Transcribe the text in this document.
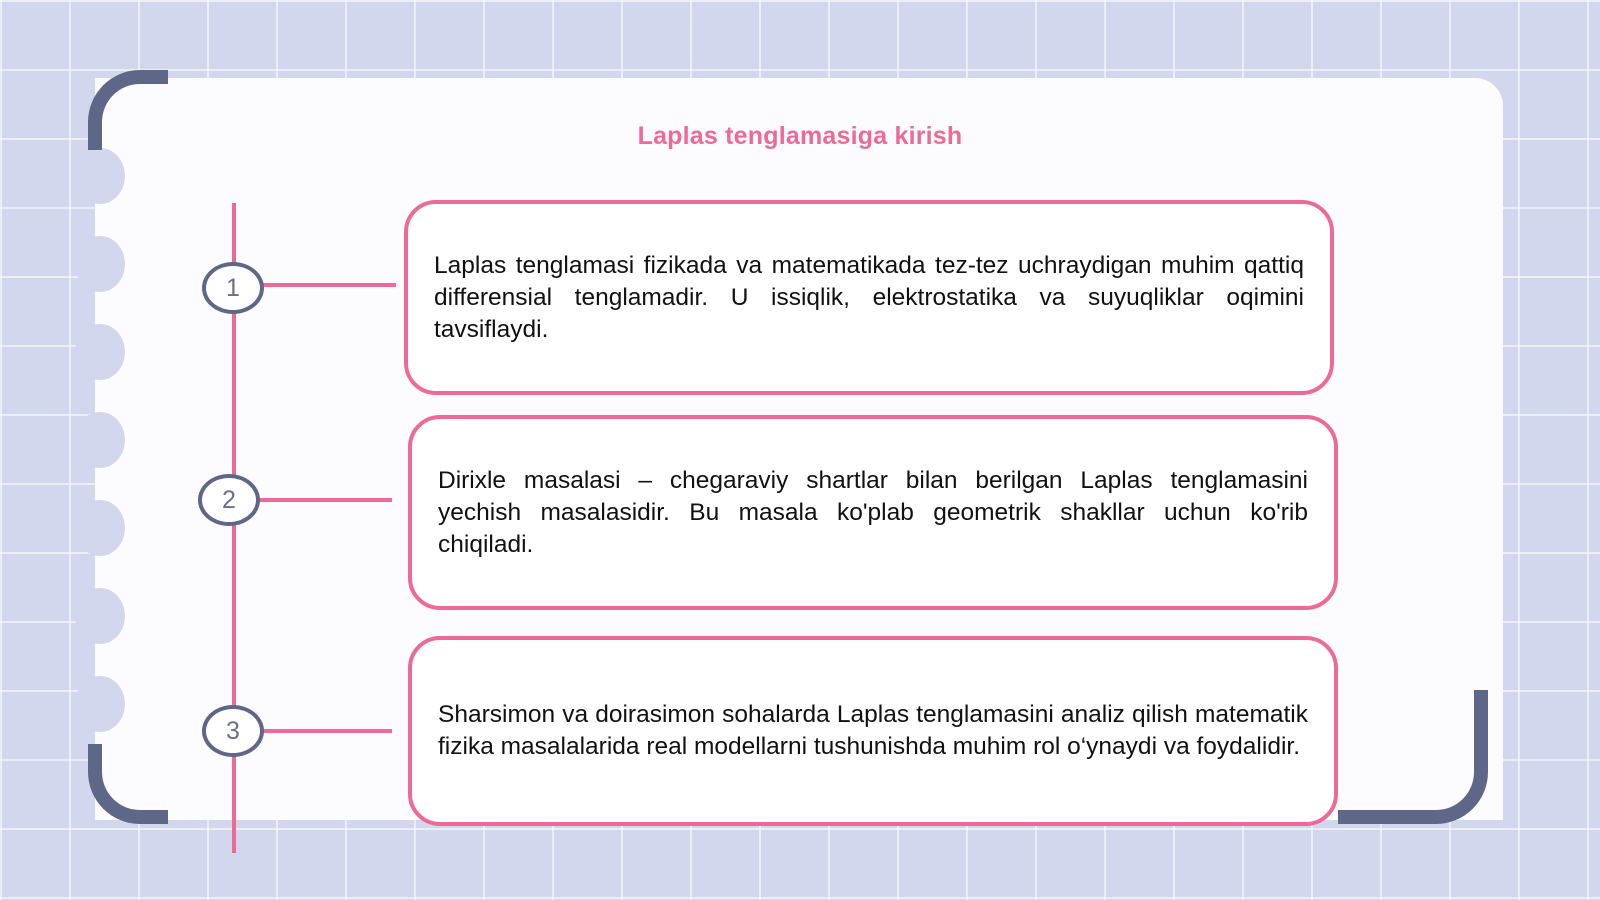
Laplas tenglamasiga kirish
1
2
3

Laplas tenglamasi fizikada va matematikada tez-tez uchraydigan muhim qattiq differensial tenglamadir. U issiqlik, elektrostatika va suyuqliklar oqimini tavsiflaydi.

Dirixle masalasi – chegaraviy shartlar bilan berilgan Laplas tenglamasini yechish masalasidir. Bu masala ko'plab geometrik shakllar uchun ko'rib chiqiladi.

Sharsimon va doirasimon sohalarda Laplas tenglamasini analiz qilish matematik fizika masalalarida real modellarni tushunishda muhim rol o‘ynaydi va foydalidir.
